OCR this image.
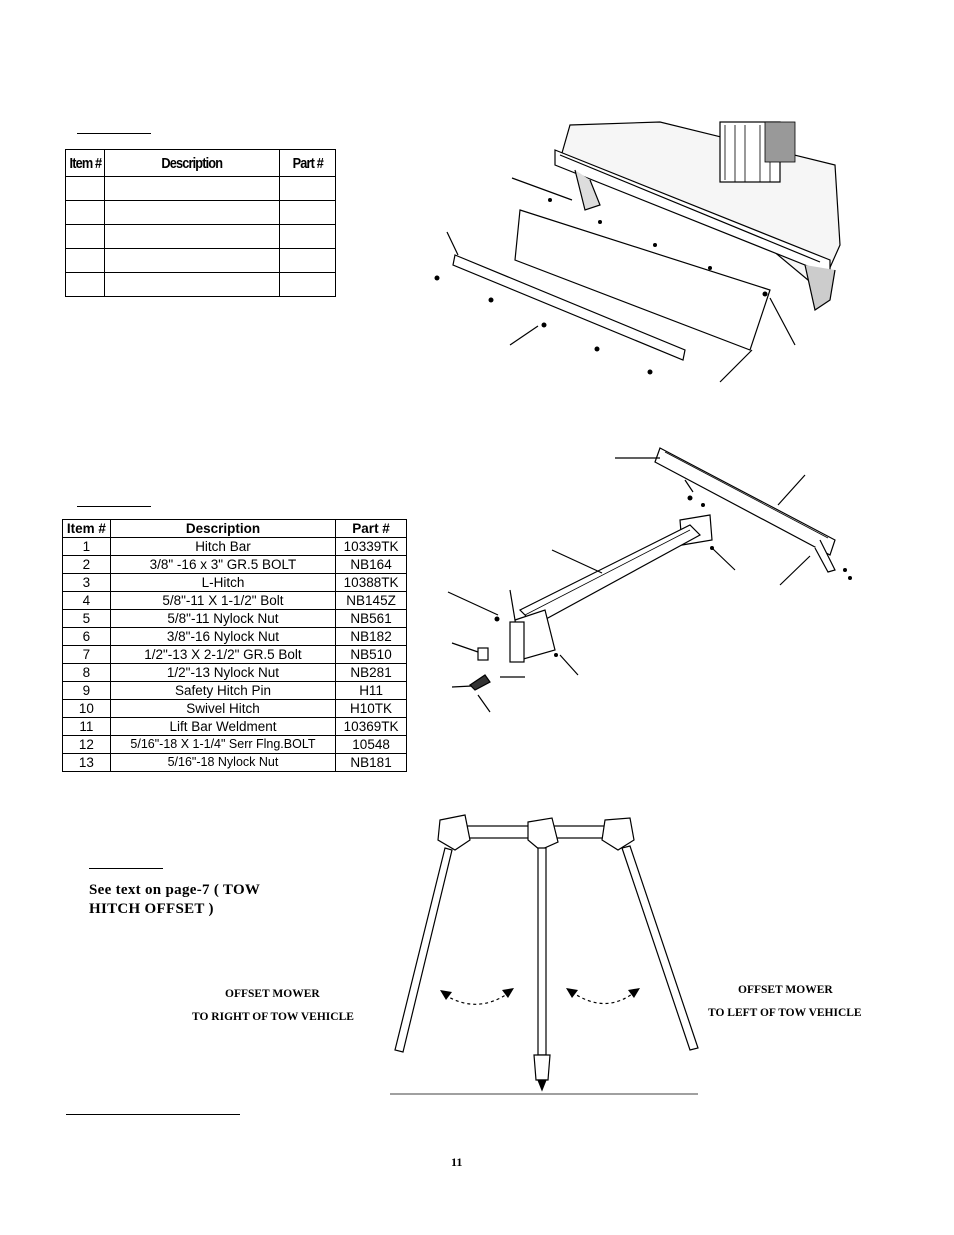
Item #	Description	Part #

Item #	Description	Part #
1	Hitch Bar	10339TK
2	3/8" -16 x 3" GR.5 BOLT	NB164
3	L-Hitch	10388TK
4	5/8"-11 X 1-1/2" Bolt	NB145Z
5	5/8"-11 Nylock Nut	NB561
6	3/8"-16 Nylock Nut	NB182
7	1/2"-13 X 2-1/2" GR.5 Bolt	NB510
8	1/2"-13 Nylock Nut	NB281
9	Safety Hitch Pin	H11
10	Swivel Hitch	H10TK
11	Lift Bar Weldment	10369TK
12	5/16"-18 X 1-1/4" Serr Flng.BOLT	10548
13	5/16"-18 Nylock Nut	NB181
See text on page-7 ( TOW
HITCH OFFSET )
OFFSET MOWER
TO RIGHT OF TOW VEHICLE
OFFSET MOWER
TO LEFT OF TOW VEHICLE
11
